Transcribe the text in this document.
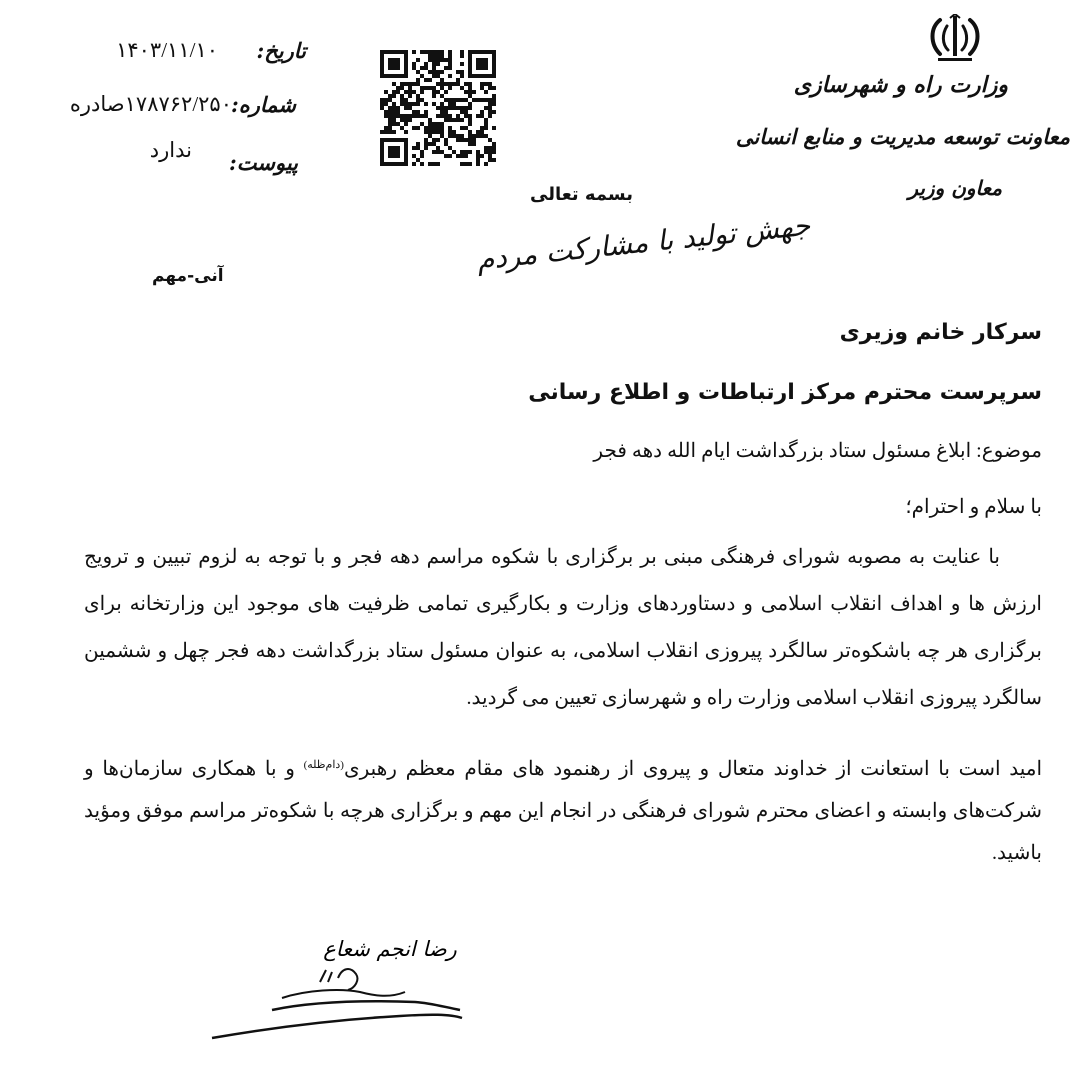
وزارت راه و شهرسازی
معاونت توسعه مدیریت و منابع انسانی
معاون وزیر
تاریخ:
۱۴۰۳/۱۱/۱۰
شماره:
۱۷۸۷۶۲/۲۵۰صادره
پیوست:
ندارد
بسمه تعالی
جهش تولید با مشارکت مردم
آنی-مهم
سرکار خانم وزیری
سرپرست محترم مرکز ارتباطات و اطلاع رسانی
موضوع: ابلاغ مسئول ستاد بزرگداشت ایام الله دهه فجر
با سلام و احترام؛
با عنایت به مصوبه شورای فرهنگی مبنی بر برگزاری با شکوه مراسم دهه فجر و با توجه به لزوم تبیین و ترویج ارزش ها و اهداف انقلاب اسلامی و دستاوردهای وزارت و بکارگیری تمامی ظرفیت های موجود این وزارتخانه برای برگزاری هر چه باشکوه‌تر سالگرد پیروزی انقلاب اسلامی، به عنوان مسئول ستاد بزرگداشت دهه فجر چهل و ششمین سالگرد پیروزی انقلاب اسلامی وزارت راه و شهرسازی تعیین می گردید.
امید است با استعانت از خداوند متعال و پیروی از رهنمود های مقام معظم رهبری$^{(دام‌ظله)}$ و با همکاری سازمان‌ها و شرکت‌های وابسته و اعضای محترم شورای فرهنگی در انجام این مهم و برگزاری هرچه با شکوه‌تر مراسم موفق ومؤید باشید.
رضا انجم شعاع
